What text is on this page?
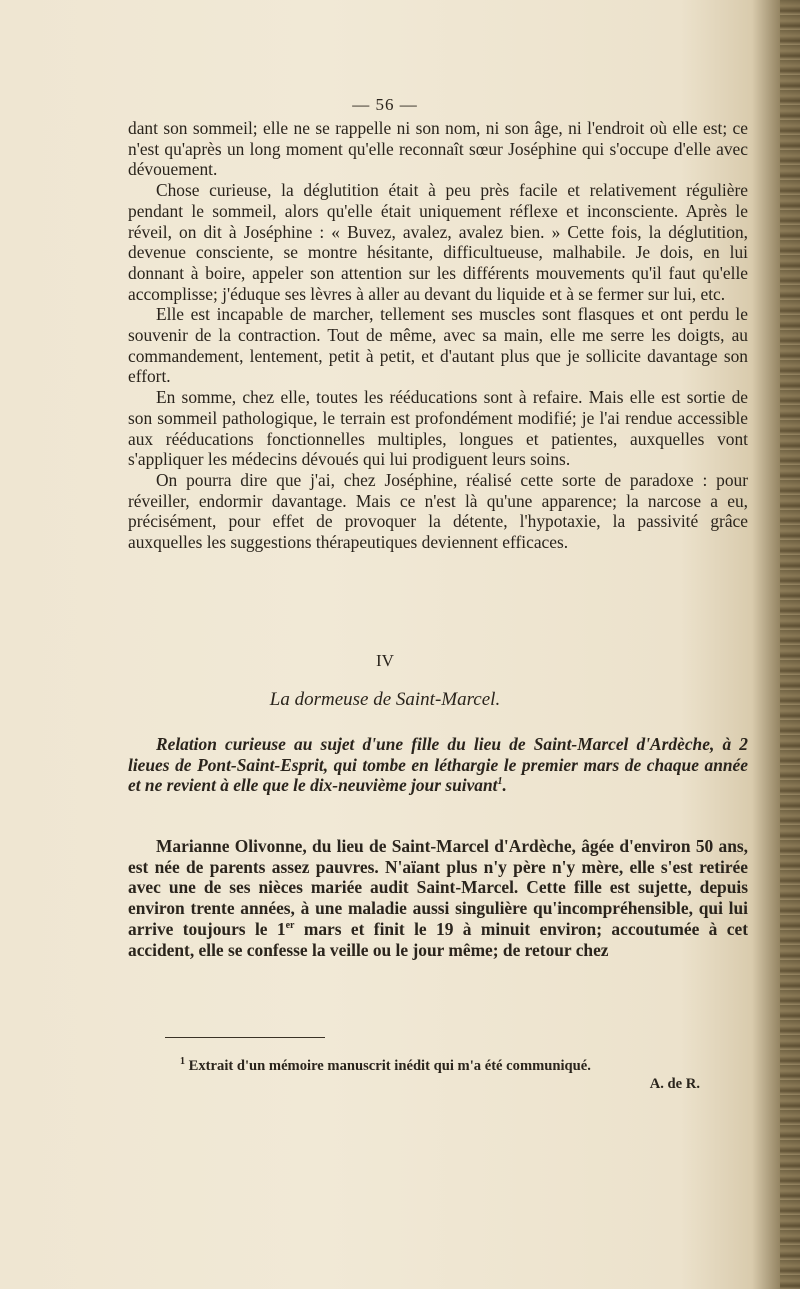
— 56 —

dant son sommeil; elle ne se rappelle ni son nom, ni son âge, ni l'endroit où elle est; ce n'est qu'après un long moment qu'elle reconnaît sœur Joséphine qui s'occupe d'elle avec dévouement.

Chose curieuse, la déglutition était à peu près facile et relativement régulière pendant le sommeil, alors qu'elle était uniquement réflexe et inconsciente. Après le réveil, on dit à Joséphine : « Buvez, avalez, avalez bien. » Cette fois, la déglutition, devenue consciente, se montre hésitante, difficultueuse, malhabile. Je dois, en lui donnant à boire, appeler son attention sur les différents mouvements qu'il faut qu'elle accomplisse; j'éduque ses lèvres à aller au devant du liquide et à se fermer sur lui, etc.

Elle est incapable de marcher, tellement ses muscles sont flasques et ont perdu le souvenir de la contraction. Tout de même, avec sa main, elle me serre les doigts, au commandement, lentement, petit à petit, et d'autant plus que je sollicite davantage son effort.

En somme, chez elle, toutes les rééducations sont à refaire. Mais elle est sortie de son sommeil pathologique, le terrain est profondément modifié; je l'ai rendue accessible aux rééducations fonctionnelles multiples, longues et patientes, auxquelles vont s'appliquer les médecins dévoués qui lui prodiguent leurs soins.

On pourra dire que j'ai, chez Joséphine, réalisé cette sorte de paradoxe : pour réveiller, endormir davantage. Mais ce n'est là qu'une apparence; la narcose a eu, précisément, pour effet de provoquer la détente, l'hypotaxie, la passivité grâce auxquelles les suggestions thérapeutiques deviennent efficaces.

IV
La dormeuse de Saint-Marcel.
Relation curieuse au sujet d'une fille du lieu de Saint-Marcel d'Ardèche, à 2 lieues de Pont-Saint-Esprit, qui tombe en léthargie le premier mars de chaque année et ne revient à elle que le dix-neuvième jour suivant$^1$.
Marianne Olivonne, du lieu de Saint-Marcel d'Ardèche, âgée d'environ 50 ans, est née de parents assez pauvres. N'aïant plus n'y père n'y mère, elle s'est retirée avec une de ses nièces mariée audit Saint-Marcel. Cette fille est sujette, depuis environ trente années, à une maladie aussi singulière qu'incompréhensible, qui lui arrive toujours le 1er mars et finit le 19 à minuit environ; accoutumée à cet accident, elle se confesse la veille ou le jour même; de retour chez
$^1$ Extrait d'un mémoire manuscrit inédit qui m'a été communiqué.
A. de R.
